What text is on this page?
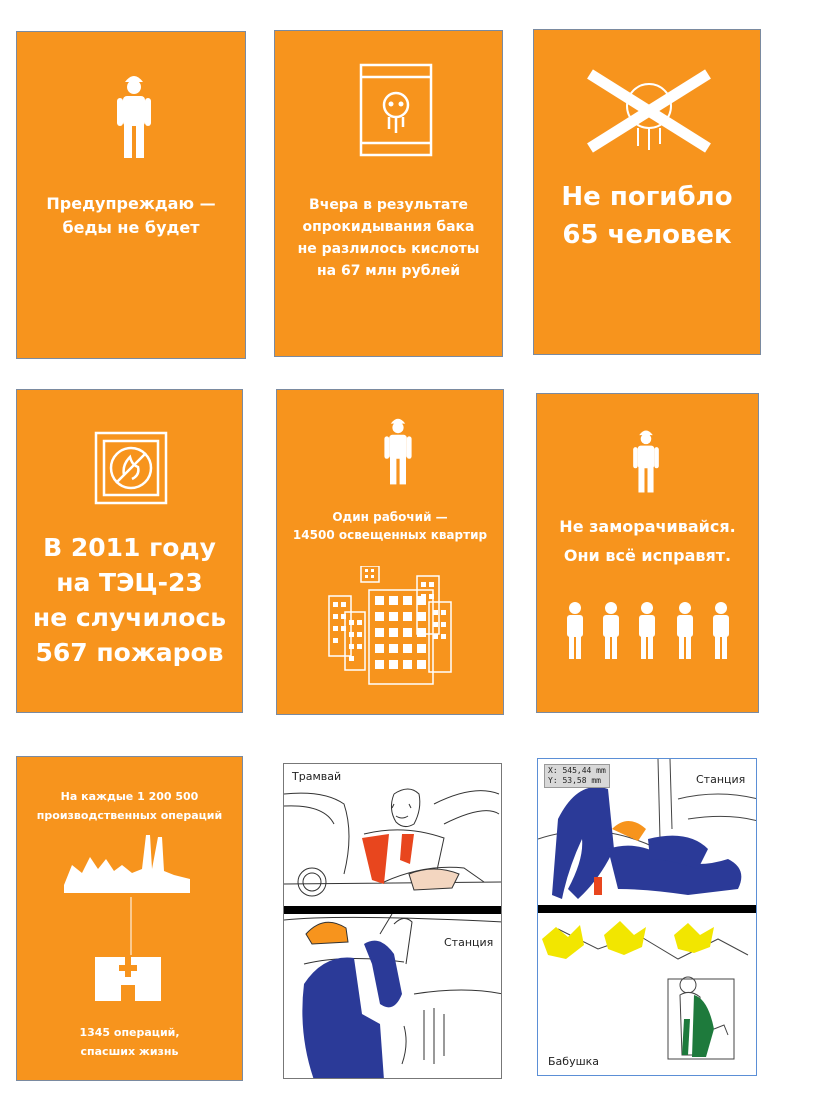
Предупреждаю —
беды не будет
Вчера в результате
опрокидывания бака
не разлилось кислоты
на 67 млн рублей
Не погибло
65 человек
В 2011 году
на ТЭЦ-23
не случилось
567 пожаров
Один рабочий —
14500 освещенных квартир	Не заморачивайся.
Они всё исправят.
На каждые 1 200 500
производственных операций
1345 операций,
спасших жизнь
Трамвай
Станция
X: 545,44 mm
Y: 53,58 mm	Станция
Бабушка
